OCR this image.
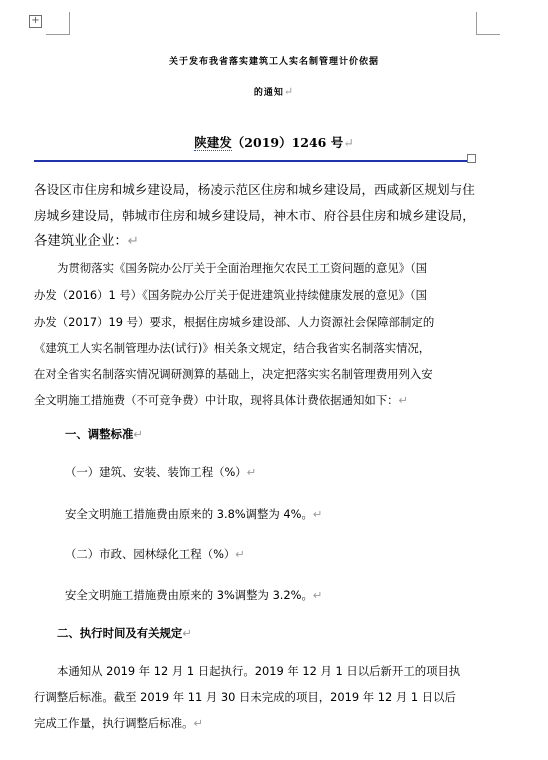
+
关于发布我省落实建筑工人实名制管理计价依据
的通知↵
陕建发（2019）1246 号↵
各设区市住房和城乡建设局，杨凌示范区住房和城乡建设局，西咸新区规划与住
房城乡建设局，韩城市住房和城乡建设局，神木市、府谷县住房和城乡建设局，
各建筑业企业：↵
为贯彻落实《国务院办公厅关于全面治理拖欠农民工工资问题的意见》（国
办发（2016）1 号）《国务院办公厅关于促进建筑业持续健康发展的意见》（国
办发（2017）19 号）要求，根据住房城乡建设部、人力资源社会保障部制定的
《建筑工人实名制管理办法(试行)》相关条文规定，结合我省实名制落实情况，
在对全省实名制落实情况调研测算的基础上，决定把落实实名制管理费用列入安
全文明施工措施费（不可竞争费）中计取，现将具体计费依据通知如下：↵
一、调整标准↵
（一）建筑、安装、装饰工程（%）↵
安全文明施工措施费由原来的 3.8%调整为 4%。↵
（二）市政、园林绿化工程（%）↵
安全文明施工措施费由原来的 3%调整为 3.2%。↵
二、执行时间及有关规定↵
本通知从 2019 年 12 月 1 日起执行。2019 年 12 月 1 日以后新开工的项目执
行调整后标准。截至 2019 年 11 月 30 日未完成的项目，2019 年 12 月 1 日以后
完成工作量，执行调整后标准。↵
